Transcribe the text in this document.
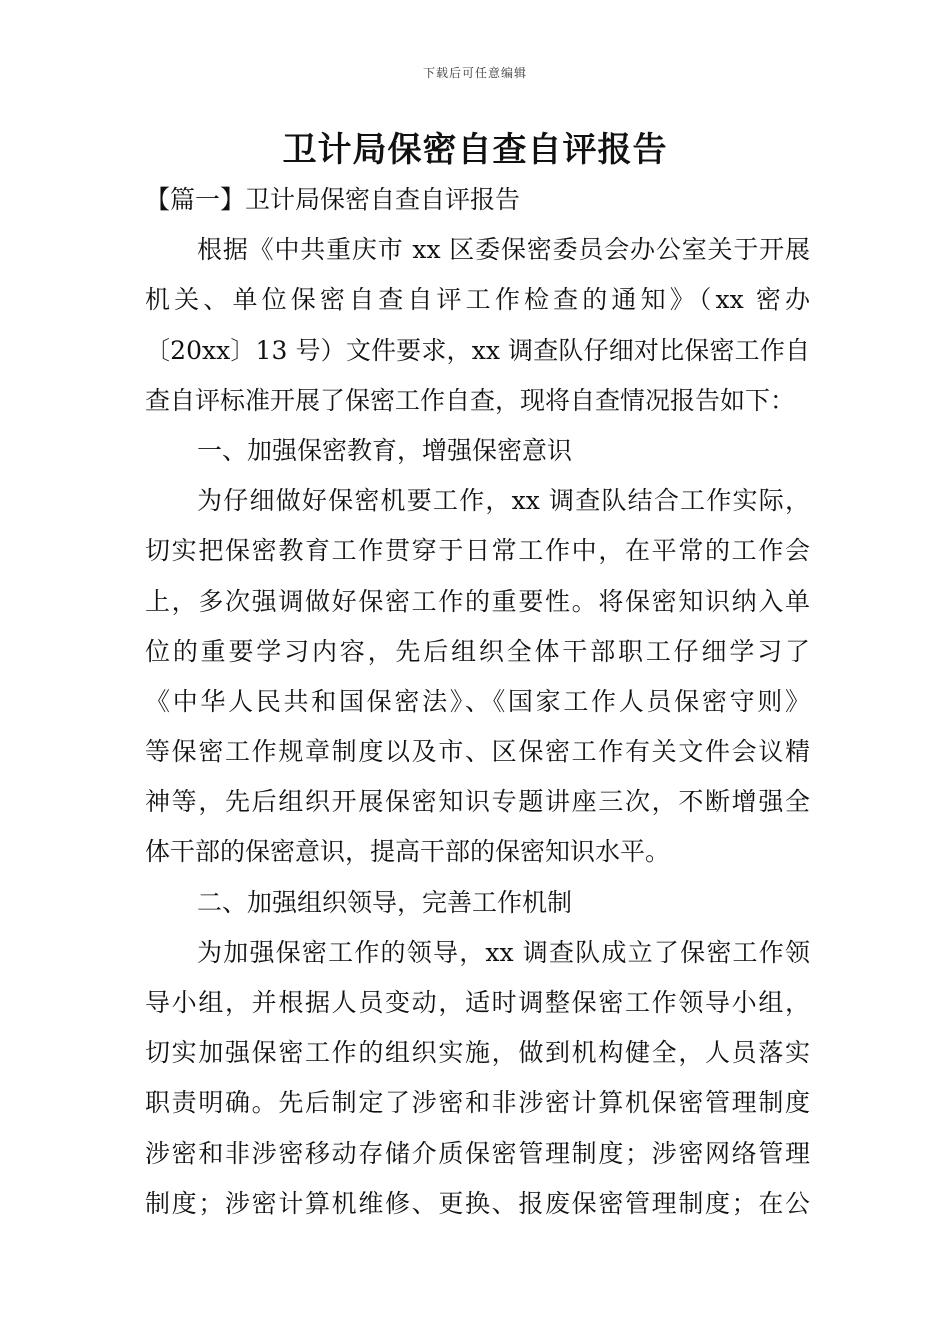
下载后可任意编辑
卫计局保密自查自评报告
【篇一】卫计局保密自查自评报告
根据《中共重庆市 xx 区委保密委员会办公室关于开展
机关、单位保密自查自评工作检查的通知》（xx 密办
〔20xx〕13 号）文件要求，xx 调查队仔细对比保密工作自
查自评标准开展了保密工作自查，现将自查情况报告如下：
一、加强保密教育，增强保密意识
为仔细做好保密机要工作，xx 调查队结合工作实际，
切实把保密教育工作贯穿于日常工作中，在平常的工作会
上，多次强调做好保密工作的重要性。将保密知识纳入单
位的重要学习内容，先后组织全体干部职工仔细学习了
《中华人民共和国保密法》、《国家工作人员保密守则》
等保密工作规章制度以及市、区保密工作有关文件会议精
神等，先后组织开展保密知识专题讲座三次，不断增强全
体干部的保密意识，提高干部的保密知识水平。
二、加强组织领导，完善工作机制
为加强保密工作的领导，xx 调查队成立了保密工作领
导小组，并根据人员变动，适时调整保密工作领导小组，
切实加强保密工作的组织实施，做到机构健全，人员落实
职责明确。先后制定了涉密和非涉密计算机保密管理制度
涉密和非涉密移动存储介质保密管理制度；涉密网络管理
制度；涉密计算机维修、更换、报废保密管理制度；在公
